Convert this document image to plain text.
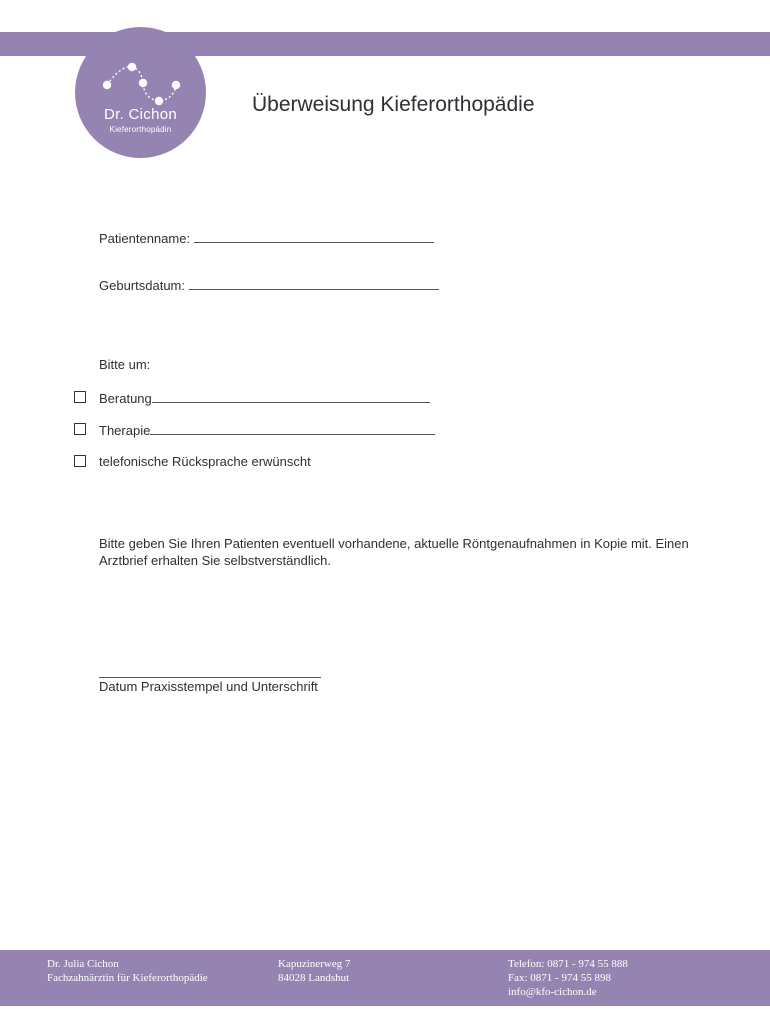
Dr. Cichon
Kieferorthopädin
Überweisung Kieferorthopädie
Patientenname:
Geburtsdatum:
Bitte um:
Beratung
Therapie
telefonische Rücksprache erwünscht
Bitte geben Sie Ihren Patienten eventuell vorhandene, aktuelle Röntgenaufnahmen in Kopie mit. Einen Arztbrief erhalten Sie selbstverständlich.
Datum Praxisstempel und Unterschrift
Dr. Julia Cichon
Fachzahnärztin für Kieferorthopädie
Kapuzinerweg 7
84028 Landshut
Telefon: 0871 - 974 55 888
Fax: 0871 - 974 55 898
info@kfo-cichon.de
